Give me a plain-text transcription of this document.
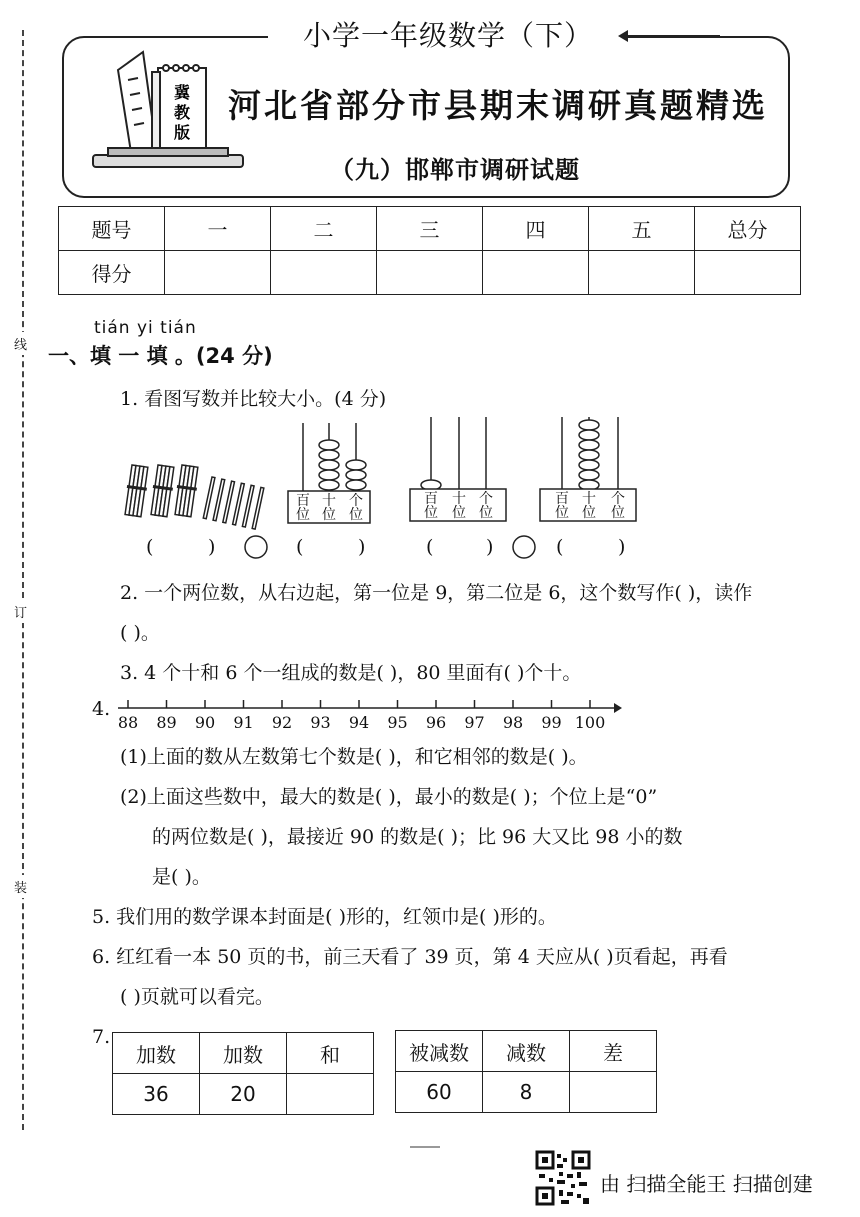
线
订
装
小学一年级数学（下）
冀
教
版
河北省部分市县期末调研真题精选
（九）邯郸市调研试题
题号	一	二	三	四	五	总分
得分						
tián yi tián
一、填 一 填 。(24 分)
1. 看图写数并比较大小。(4 分)
百
位
十
位
个
位
百
位
十
位
个
位
百
位
十
位
个
位
(	)	(	)	(	)	(	)
2. 一个两位数，从右边起，第一位是 9，第二位是 6，这个数写作( )，读作
( )。
3. 4 个十和 6 个一组成的数是( )，80 里面有( )个十。
4.
88 89 90 91 92 93 94 95 96 97 98 99 100
(1)上面的数从左数第七个数是( )，和它相邻的数是( )。
(2)上面这些数中，最大的数是( )，最小的数是( )；个位上是“0”
的两位数是( )，最接近 90 的数是( )；比 96 大又比 98 小的数
是( )。
5. 我们用的数学课本封面是( )形的，红领巾是( )形的。
6. 红红看一本 50 页的书，前三天看了 39 页，第 4 天应从( )页看起，再看
( )页就可以看完。
7.
加数	加数	和
36	20	
被减数	减数	差
60	8	
由 扫描全能王 扫描创建
